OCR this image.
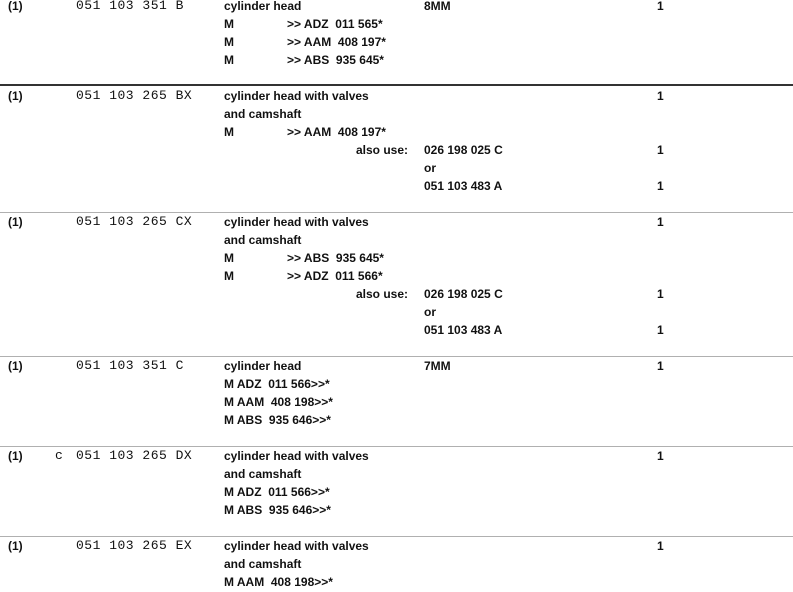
(1)	051 103 351 B	1
cylinder head	8MM
M	>> ADZ  011 565*
M	>> AAM  408 197*
M	>> ABS  935 645*
(1)	051 103 265 BX	1
cylinder head with valves
and camshaft
M	>> AAM  408 197*
also use: 026 198 025 C	1
or
051 103 483 A	1
(1)	051 103 265 CX	1
cylinder head with valves
and camshaft
M	>> ABS  935 645*
M	>> ADZ  011 566*
also use: 026 198 025 C	1
or
051 103 483 A	1
(1)	051 103 351 C	1
cylinder head	7MM
M ADZ  011 566>>*
M AAM  408 198>>*
M ABS  935 646>>*
(1) c 051 103 265 DX	1
cylinder head with valves
and camshaft
M ADZ  011 566>>*
M ABS  935 646>>*
(1)	051 103 265 EX	1
cylinder head with valves
and camshaft
M AAM  408 198>>*
